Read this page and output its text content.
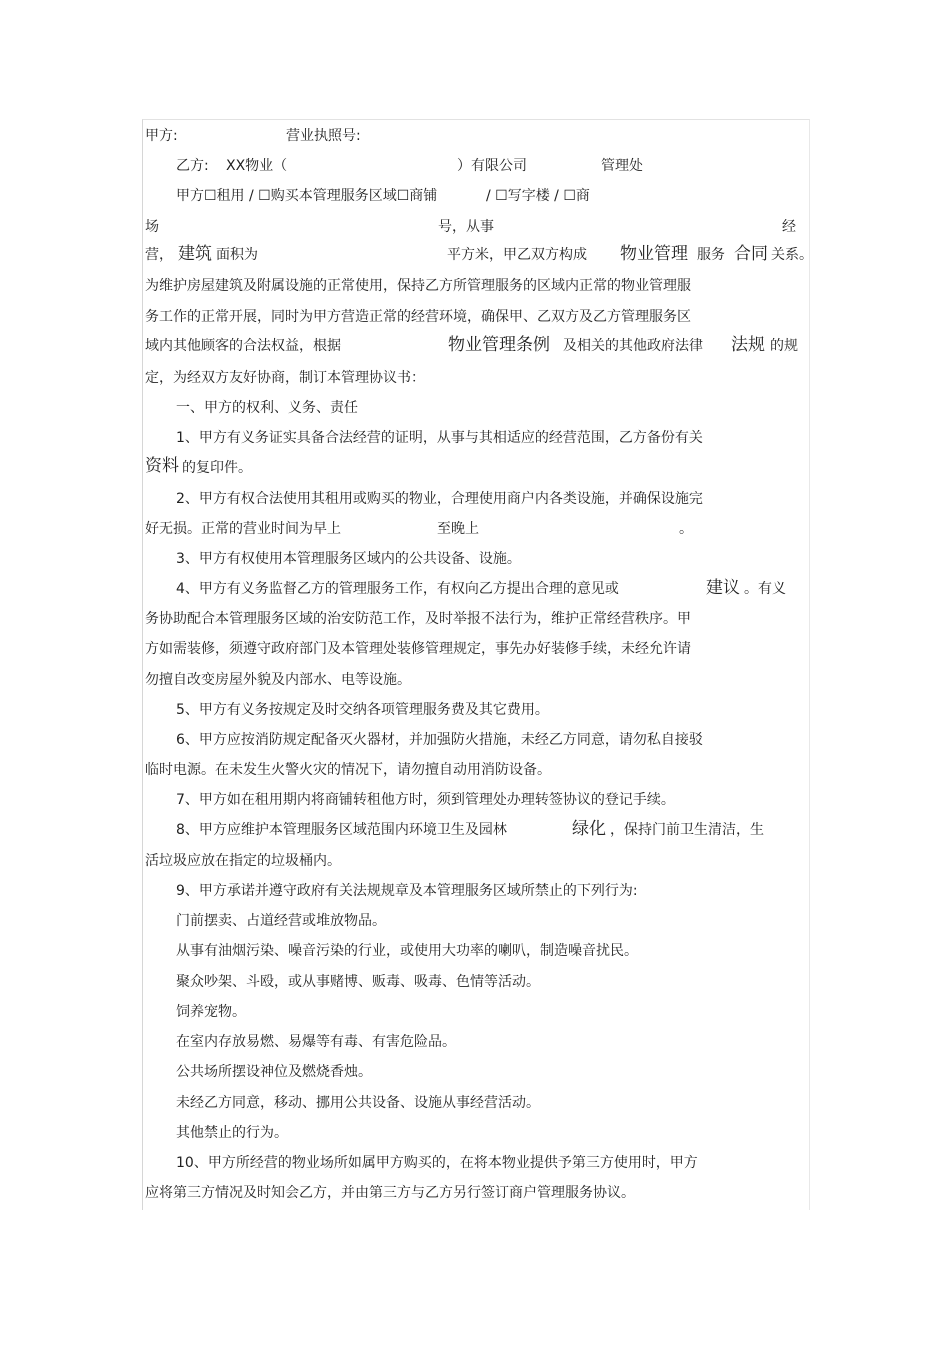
甲方:	营业执照号:
乙方: XX物业（	）有限公司	管理处
甲方☐租用 / ☐购买本管理服务区域☐商铺	/ ☐写字楼 / ☐商
场	号，从事	经
营， 建筑 面积为	平方米，甲乙双方构成 物业管理 服务 合同 关系。
为维护房屋建筑及附属设施的正常使用，保持乙方所管理服务的区域内正常的物业管理服
务工作的正常开展，同时为甲方营造正常的经营环境，确保甲、乙双方及乙方管理服务区
域内其他顾客的合法权益，根据	物业管理条例 及相关的其他政府法律 法规 的规
定，为经双方友好协商，制订本管理协议书：
一、甲方的权利、义务、责任
1、甲方有义务证实具备合法经营的证明，从事与其相适应的经营范围，乙方备份有关
资料 的复印件。
2、甲方有权合法使用其租用或购买的物业，合理使用商户内各类设施，并确保设施完
好无损。正常的营业时间为早上	至晚上	。
3、甲方有权使用本管理服务区域内的公共设备、设施。
4、甲方有义务监督乙方的管理服务工作，有权向乙方提出合理的意见或	建议 。有义
务协助配合本管理服务区域的治安防范工作，及时举报不法行为，维护正常经营秩序。甲
方如需装修，须遵守政府部门及本管理处装修管理规定，事先办好装修手续，未经允许请
勿擅自改变房屋外貌及内部水、电等设施。
5、甲方有义务按规定及时交纳各项管理服务费及其它费用。
6、甲方应按消防规定配备灭火器材，并加强防火措施，未经乙方同意，请勿私自接驳
临时电源。在未发生火警火灾的情况下，请勿擅自动用消防设备。
7、甲方如在租用期内将商铺转租他方时，须到管理处办理转签协议的登记手续。
8、甲方应维护本管理服务区域范围内环境卫生及园林	绿化 ，保持门前卫生清洁，生
活垃圾应放在指定的垃圾桶内。
9、甲方承诺并遵守政府有关法规规章及本管理服务区域所禁止的下列行为:
门前摆卖、占道经营或堆放物品。
从事有油烟污染、噪音污染的行业，或使用大功率的喇叭，制造噪音扰民。
聚众吵架、斗殴，或从事赌博、贩毒、吸毒、色情等活动。
饲养宠物。
在室内存放易燃、易爆等有毒、有害危险品。
公共场所摆设神位及燃烧香烛。
未经乙方同意，移动、挪用公共设备、设施从事经营活动。
其他禁止的行为。
10、甲方所经营的物业场所如属甲方购买的，在将本物业提供予第三方使用时，甲方
应将第三方情况及时知会乙方，并由第三方与乙方另行签订商户管理服务协议。
